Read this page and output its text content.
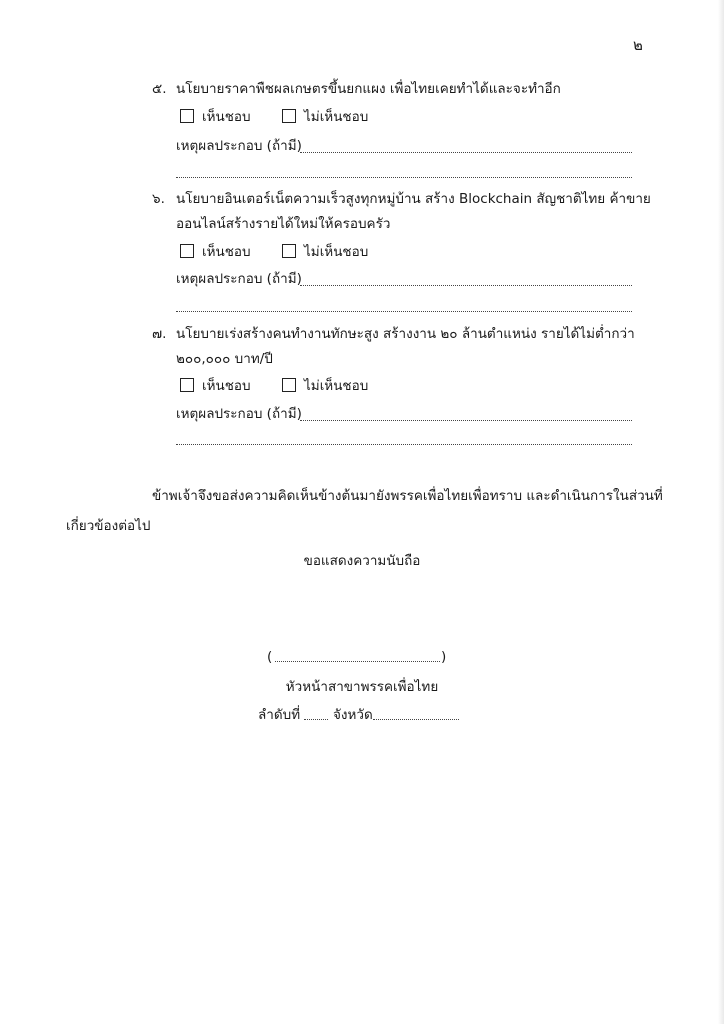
๒
๕. นโยบายราคาพืชผลเกษตรขึ้นยกแผง เพื่อไทยเคยทำได้และจะทำอีก
เห็นชอบ	ไม่เห็นชอบ
เหตุผลประกอบ (ถ้ามี)
๖. นโยบายอินเตอร์เน็ตความเร็วสูงทุกหมู่บ้าน สร้าง Blockchain สัญชาติไทย ค้าขาย
ออนไลน์สร้างรายได้ใหม่ให้ครอบครัว
เห็นชอบ	ไม่เห็นชอบ
เหตุผลประกอบ (ถ้ามี)
๗. นโยบายเร่งสร้างคนทำงานทักษะสูง สร้างงาน ๒๐ ล้านตำแหน่ง รายได้ไม่ต่ำกว่า
๒๐๐,๐๐๐ บาท/ปี
เห็นชอบ	ไม่เห็นชอบ
เหตุผลประกอบ (ถ้ามี)
ข้าพเจ้าจึงขอส่งความคิดเห็นข้างต้นมายังพรรคเพื่อไทยเพื่อทราบ และดำเนินการในส่วนที่
เกี่ยวข้องต่อไป
ขอแสดงความนับถือ
(	)
หัวหน้าสาขาพรรคเพื่อไทย
ลำดับที่ จังหวัด
